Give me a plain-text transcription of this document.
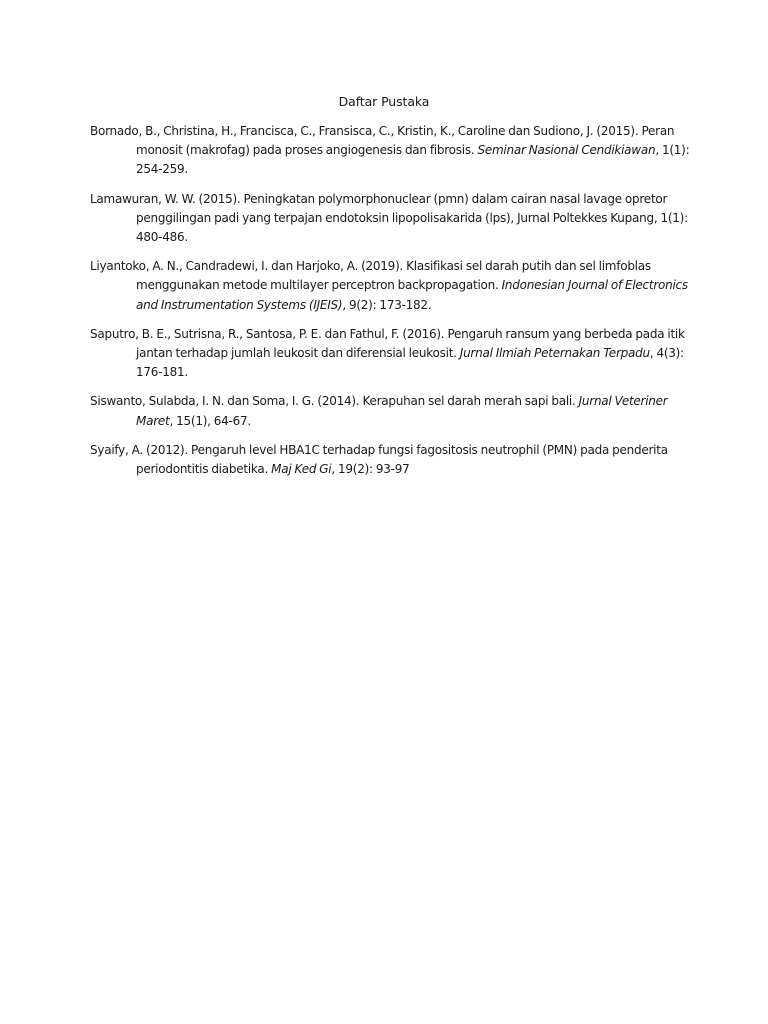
Daftar Pustaka

Bornado, B., Christina, H., Francisca, C., Fransisca, C., Kristin, K., Caroline dan Sudiono, J. (2015). Peran monosit (makrofag) pada proses angiogenesis dan fibrosis. Seminar Nasional Cendikiawan, 1(1): 254-259.

Lamawuran, W. W. (2015). Peningkatan polymorphonuclear (pmn) dalam cairan nasal lavage opretor penggilingan padi yang terpajan endotoksin lipopolisakarida (lps), Jurnal Poltekkes Kupang, 1(1): 480-486.

Liyantoko, A. N., Candradewi, I. dan Harjoko, A. (2019). Klasifikasi sel darah putih dan sel limfoblas menggunakan metode multilayer perceptron backpropagation. Indonesian Journal of Electronics and Instrumentation Systems (IJEIS), 9(2): 173-182.

Saputro, B. E., Sutrisna, R., Santosa, P. E. dan Fathul, F. (2016). Pengaruh ransum yang berbeda pada itik jantan terhadap jumlah leukosit dan diferensial leukosit. Jurnal Ilmiah Peternakan Terpadu, 4(3): 176-181.

Siswanto, Sulabda, I. N. dan Soma, I. G. (2014). Kerapuhan sel darah merah sapi bali. Jurnal Veteriner Maret, 15(1), 64-67.

Syaify, A. (2012). Pengaruh level HBA1C terhadap fungsi fagositosis neutrophil (PMN) pada penderita periodontitis diabetika. Maj Ked Gi, 19(2): 93-97
